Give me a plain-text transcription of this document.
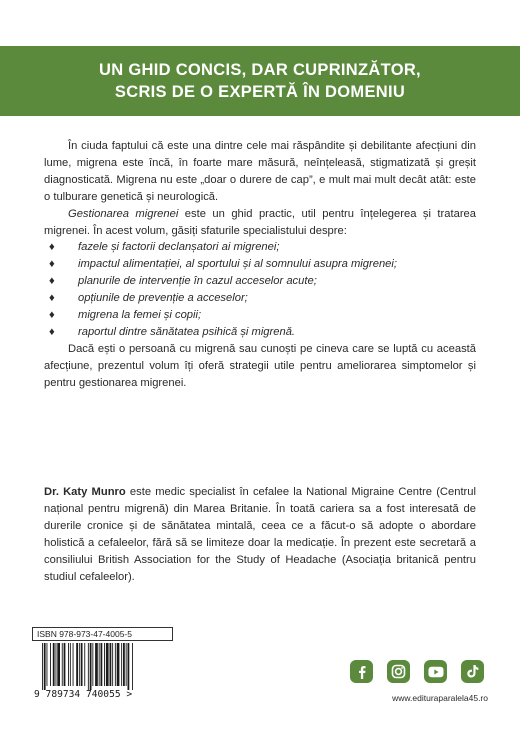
UN GHID CONCIS, DAR CUPRINZĂTOR,
SCRIS DE O EXPERTĂ ÎN DOMENIU

În ciuda faptului că este una dintre cele mai răspândite și debilitante afecțiuni din lume, migrena este încă, în foarte mare măsură, neînțeleasă, stigmatizată și greșit diagnosticată. Migrena nu este „doar o durere de cap”, e mult mai mult decât atât: este o tulburare genetică și neurologică.

Gestionarea migrenei este un ghid practic, util pentru înțelegerea și tratarea migrenei. În acest volum, găsiți sfaturile specialistului despre:

♦ fazele și factorii declanșatori ai migrenei;
♦ impactul alimentației, al sportului și al somnului asupra migrenei;
♦ planurile de intervenție în cazul acceselor acute;
♦ opțiunile de prevenție a acceselor;
♦ migrena la femei și copii;
♦ raportul dintre sănătatea psihică și migrenă.

Dacă ești o persoană cu migrenă sau cunoști pe cineva care se luptă cu această afecțiune, prezentul volum îți oferă strategii utile pentru ameliorarea simptomelor și pentru gestionarea migrenei.

Dr. Katy Munro este medic specialist în cefalee la National Migraine Centre (Centrul național pentru migrenă) din Marea Britanie. În toată cariera sa a fost interesată de durerile cronice și de sănătatea mintală, ceea ce a făcut-o să adopte o abordare holistică a cefaleelor, fără să se limiteze doar la medicație. În prezent este secretară a consiliului British Association for the Study of Headache (Asociația britanică pentru studiul cefaleelor).

ISBN 978-973-47-4005-5
9 789734 740055 >	www.edituraparalela45.ro
